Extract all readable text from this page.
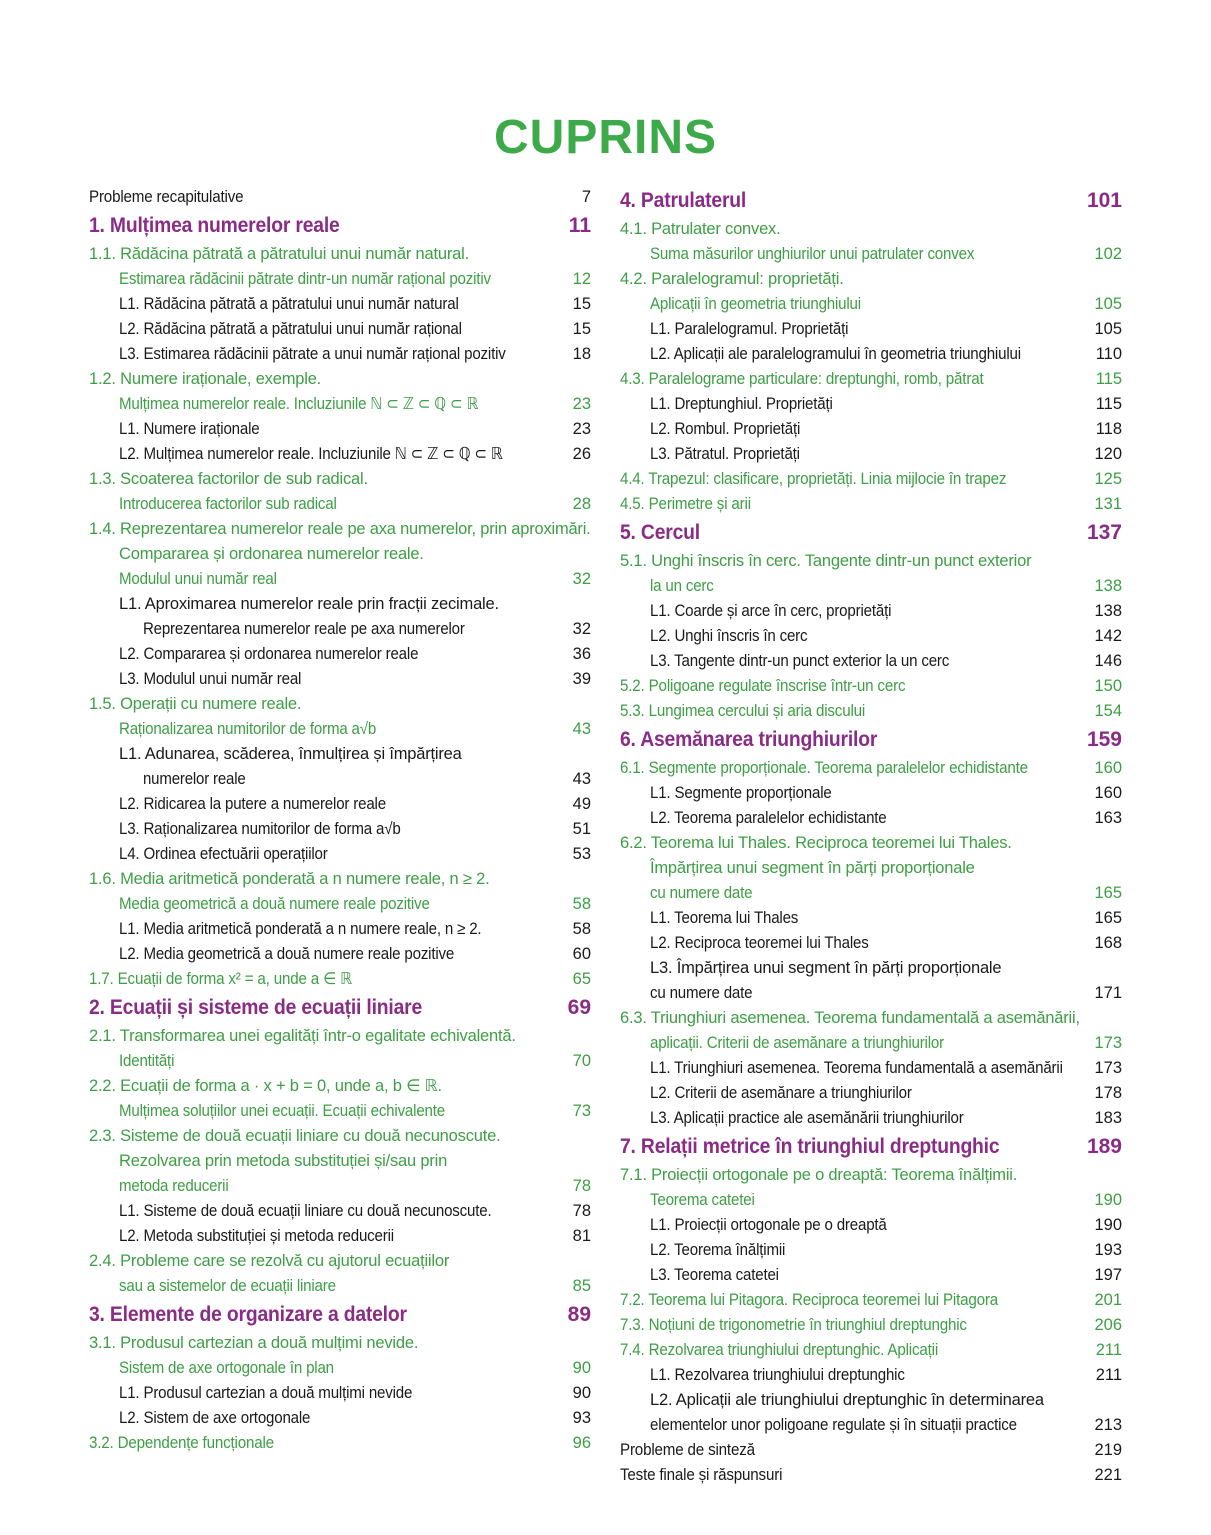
CUPRINS
Probleme recapitulative	7
1. Mulțimea numerelor reale	11
1.1. Rădăcina pătrată a pătratului unui număr natural.
Estimarea rădăcinii pătrate dintr-un număr rațional pozitiv	12
L1. Rădăcina pătrată a pătratului unui număr natural	15
L2. Rădăcina pătrată a pătratului unui număr rațional	15
L3. Estimarea rădăcinii pătrate a unui număr rațional pozitiv	18
1.2. Numere iraționale, exemple.
Mulțimea numerelor reale. Incluziunile ℕ ⊂ ℤ ⊂ ℚ ⊂ ℝ	23
L1. Numere iraționale	23
L2. Mulțimea numerelor reale. Incluziunile ℕ ⊂ ℤ ⊂ ℚ ⊂ ℝ	26
1.3. Scoaterea factorilor de sub radical.
Introducerea factorilor sub radical	28
1.4. Reprezentarea numerelor reale pe axa numerelor, prin aproximări.
Compararea și ordonarea numerelor reale.
Modulul unui număr real	32
L1. Aproximarea numerelor reale prin fracții zecimale.
Reprezentarea numerelor reale pe axa numerelor	32
L2. Compararea și ordonarea numerelor reale	36
L3. Modulul unui număr real	39
1.5. Operații cu numere reale.
Raționalizarea numitorilor de forma a√b	43
L1. Adunarea, scăderea, înmulțirea și împărțirea
numerelor reale	43
L2. Ridicarea la putere a numerelor reale	49
L3. Raționalizarea numitorilor de forma a√b	51
L4. Ordinea efectuării operațiilor	53
1.6. Media aritmetică ponderată a n numere reale, n ≥ 2.
Media geometrică a două numere reale pozitive	58
L1. Media aritmetică ponderată a n numere reale, n ≥ 2.	58
L2. Media geometrică a două numere reale pozitive	60
1.7. Ecuații de forma x² = a, unde a ∈ ℝ	65
2. Ecuații și sisteme de ecuații liniare	69
2.1. Transformarea unei egalități într-o egalitate echivalentă.
Identități	70
2.2. Ecuații de forma a · x + b = 0, unde a, b ∈ ℝ.
Mulțimea soluțiilor unei ecuații. Ecuații echivalente	73
2.3. Sisteme de două ecuații liniare cu două necunoscute.
Rezolvarea prin metoda substituției și/sau prin
metoda reducerii	78
L1. Sisteme de două ecuații liniare cu două necunoscute.	78
L2. Metoda substituției și metoda reducerii	81
2.4. Probleme care se rezolvă cu ajutorul ecuațiilor
sau a sistemelor de ecuații liniare	85
3. Elemente de organizare a datelor	89
3.1. Produsul cartezian a două mulțimi nevide.
Sistem de axe ortogonale în plan	90
L1. Produsul cartezian a două mulțimi nevide	90
L2. Sistem de axe ortogonale	93
3.2. Dependențe funcționale	96
4. Patrulaterul	101
4.1. Patrulater convex.
Suma măsurilor unghiurilor unui patrulater convex	102
4.2. Paralelogramul: proprietăți.
Aplicații în geometria triunghiului	105
L1. Paralelogramul. Proprietăți	105
L2. Aplicații ale paralelogramului în geometria triunghiului	110
4.3. Paralelograme particulare: dreptunghi, romb, pătrat	115
L1. Dreptunghiul. Proprietăți	115
L2. Rombul. Proprietăți	118
L3. Pătratul. Proprietăți	120
4.4. Trapezul: clasificare, proprietăți. Linia mijlocie în trapez	125
4.5. Perimetre și arii	131
5. Cercul	137
5.1. Unghi înscris în cerc. Tangente dintr-un punct exterior
la un cerc	138
L1. Coarde și arce în cerc, proprietăți	138
L2. Unghi înscris în cerc	142
L3. Tangente dintr-un punct exterior la un cerc	146
5.2. Poligoane regulate înscrise într-un cerc	150
5.3. Lungimea cercului și aria discului	154
6. Asemănarea triunghiurilor	159
6.1. Segmente proporționale. Teorema paralelelor echidistante	160
L1. Segmente proporționale	160
L2. Teorema paralelelor echidistante	163
6.2. Teorema lui Thales. Reciproca teoremei lui Thales.
Împărțirea unui segment în părți proporționale
cu numere date	165
L1. Teorema lui Thales	165
L2. Reciproca teoremei lui Thales	168
L3. Împărțirea unui segment în părți proporționale
cu numere date	171
6.3. Triunghiuri asemenea. Teorema fundamentală a asemănării,
aplicații. Criterii de asemănare a triunghiurilor	173
L1. Triunghiuri asemenea. Teorema fundamentală a asemănării	173
L2. Criterii de asemănare a triunghiurilor	178
L3. Aplicații practice ale asemănării triunghiurilor	183
7. Relații metrice în triunghiul dreptunghic	189
7.1. Proiecții ortogonale pe o dreaptă: Teorema înălțimii.
Teorema catetei	190
L1. Proiecții ortogonale pe o dreaptă	190
L2. Teorema înălțimii	193
L3. Teorema catetei	197
7.2. Teorema lui Pitagora. Reciproca teoremei lui Pitagora	201
7.3. Noțiuni de trigonometrie în triunghiul dreptunghic	206
7.4. Rezolvarea triunghiului dreptunghic. Aplicații	211
L1. Rezolvarea triunghiului dreptunghic	211
L2. Aplicații ale triunghiului dreptunghic în determinarea
elementelor unor poligoane regulate și în situații practice	213
Probleme de sinteză	219
Teste finale și răspunsuri	221
